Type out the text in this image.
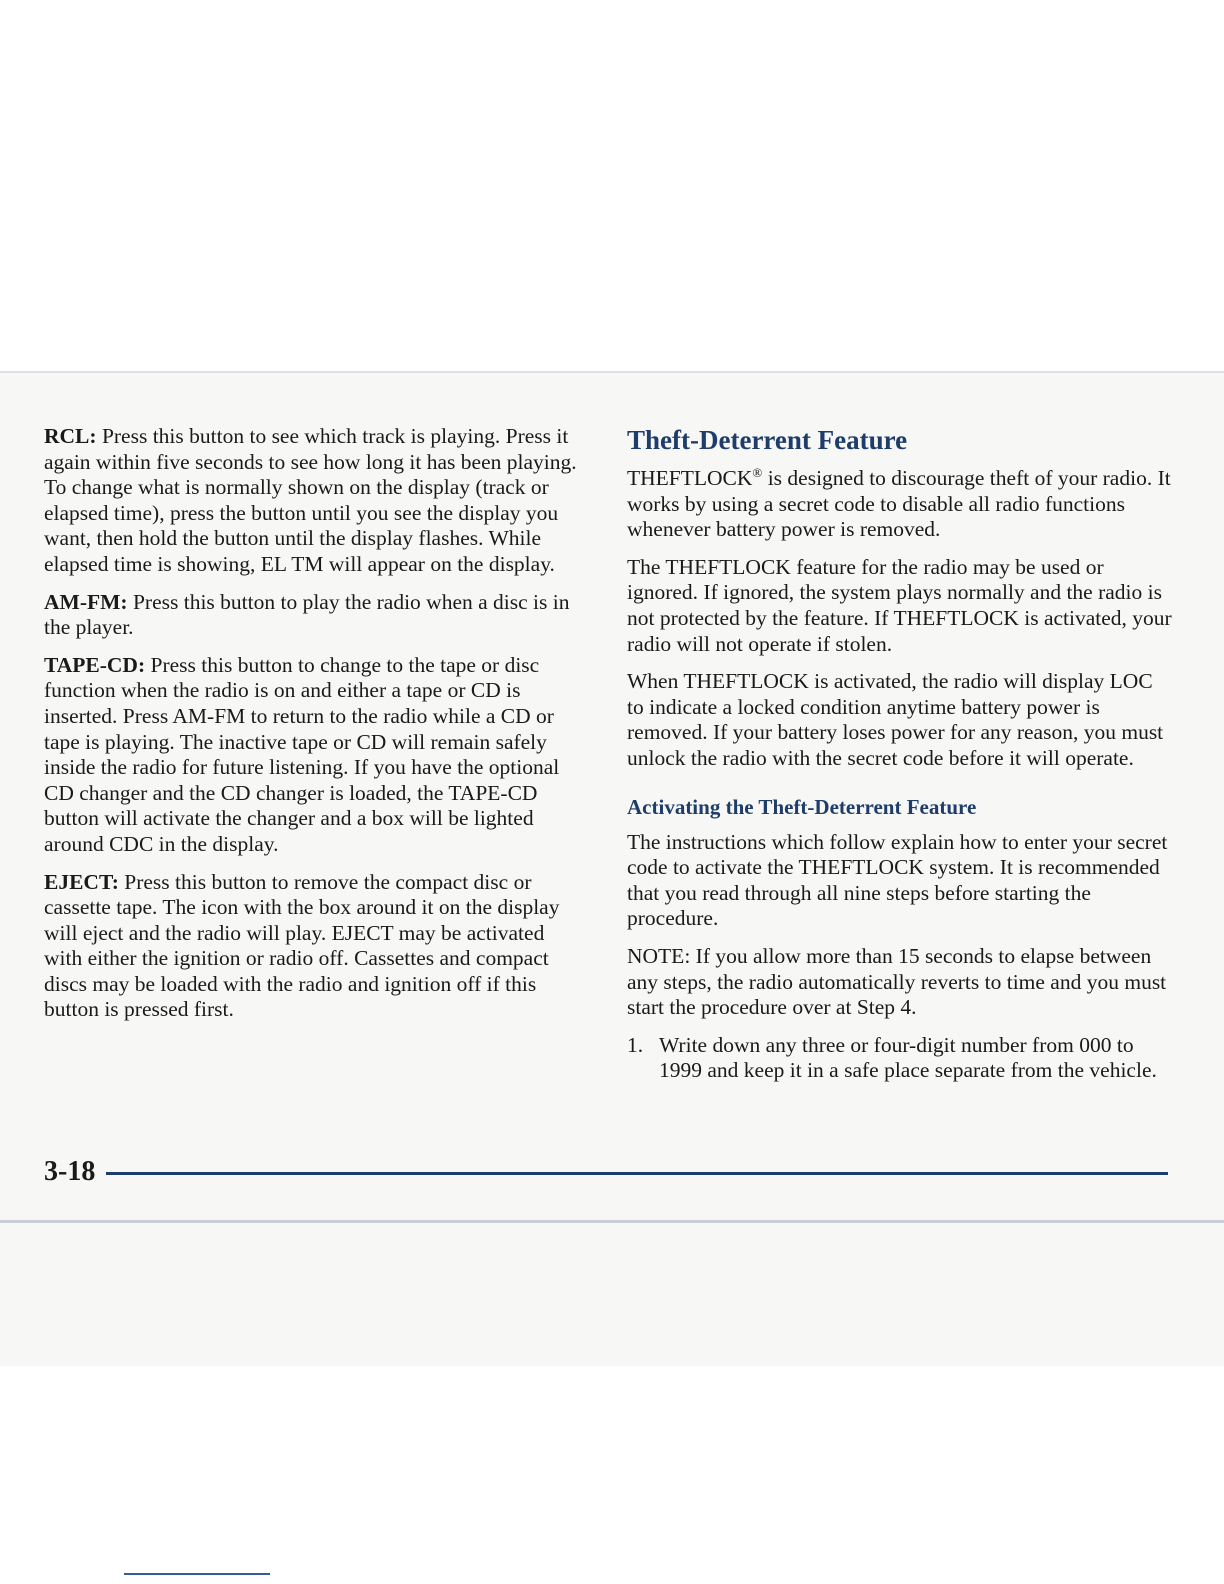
RCL: Press this button to see which track is playing. Press it again within five seconds to see how long it has been playing. To change what is normally shown on the display (track or elapsed time), press the button until you see the display you want, then hold the button until the display flashes. While elapsed time is showing, EL TM will appear on the display.

AM-FM: Press this button to play the radio when a disc is in the player.

TAPE-CD: Press this button to change to the tape or disc function when the radio is on and either a tape or CD is inserted. Press AM-FM to return to the radio while a CD or tape is playing. The inactive tape or CD will remain safely inside the radio for future listening. If you have the optional CD changer and the CD changer is loaded, the TAPE-CD button will activate the changer and a box will be lighted around CDC in the display.

EJECT: Press this button to remove the compact disc or cassette tape. The icon with the box around it on the display will eject and the radio will play. EJECT may be activated with either the ignition or radio off. Cassettes and compact discs may be loaded with the radio and ignition off if this button is pressed first.

Theft-Deterrent Feature

THEFTLOCK® is designed to discourage theft of your radio. It works by using a secret code to disable all radio functions whenever battery power is removed.

The THEFTLOCK feature for the radio may be used or ignored. If ignored, the system plays normally and the radio is not protected by the feature. If THEFTLOCK is activated, your radio will not operate if stolen.

When THEFTLOCK is activated, the radio will display LOC to indicate a locked condition anytime battery power is removed. If your battery loses power for any reason, you must unlock the radio with the secret code before it will operate.

Activating the Theft-Deterrent Feature

The instructions which follow explain how to enter your secret code to activate the THEFTLOCK system. It is recommended that you read through all nine steps before starting the procedure.

NOTE: If you allow more than 15 seconds to elapse between any steps, the radio automatically reverts to time and you must start the procedure over at Step 4.

1. Write down any three or four-digit number from 000 to 1999 and keep it in a safe place separate from the vehicle.
3-18
